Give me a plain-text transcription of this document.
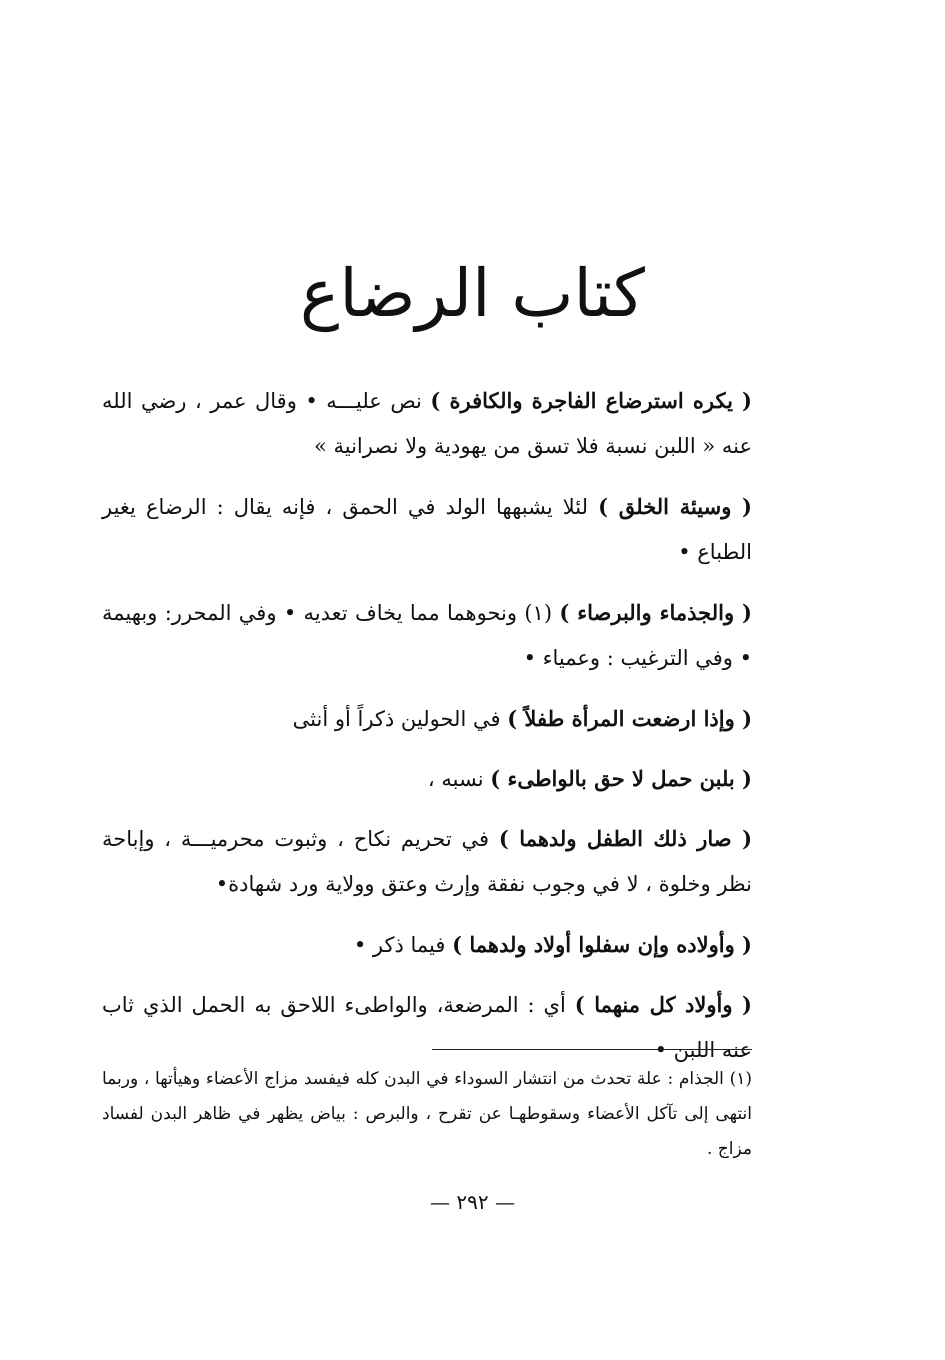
كتاب الرضاع

( يكره استرضاع الفاجرة والكافرة ) نص عليـــه • وقال عمر ، رضي الله عنه « اللبن نسبة فلا تسق من يهودية ولا نصرانية »

( وسيئة الخلق ) لئلا يشبهها الولد في الحمق ، فإنه يقال : الرضاع يغير الطباع •

( والجذماء والبرصاء ) (١) ونحوهما مما يخاف تعديه • وفي المحرر: وبهيمة • وفي الترغيب : وعمياء •

( وإذا ارضعت المرأة طفلاً ) في الحولين ذكراً أو أنثى

( بلبن حمل لا حق بالواطىء ) نسبه ،

( صار ذلك الطفل ولدهما ) في تحريم نكاح ، وثبوت محرميـــة ، وإباحة نظر وخلوة ، لا في وجوب نفقة وإرث وعتق وولاية ورد شهادة•

( وأولاده وإن سفلوا أولاد ولدهما ) فيما ذكر •

( وأولاد كل منهما ) أي : المرضعة، والواطىء اللاحق به الحمل الذي ثاب عنه اللبن •

(١) الجذام : علة تحدث من انتشار السوداء في البدن كله فيفسد مزاج الأعضاء وهيأتها ، وربما انتهى إلى تآكل الأعضاء وسقوطهـا عن تقرح ، والبرص : بياض يظهر في ظاهر البدن لفساد مزاج .
— ٢٩٢ —
